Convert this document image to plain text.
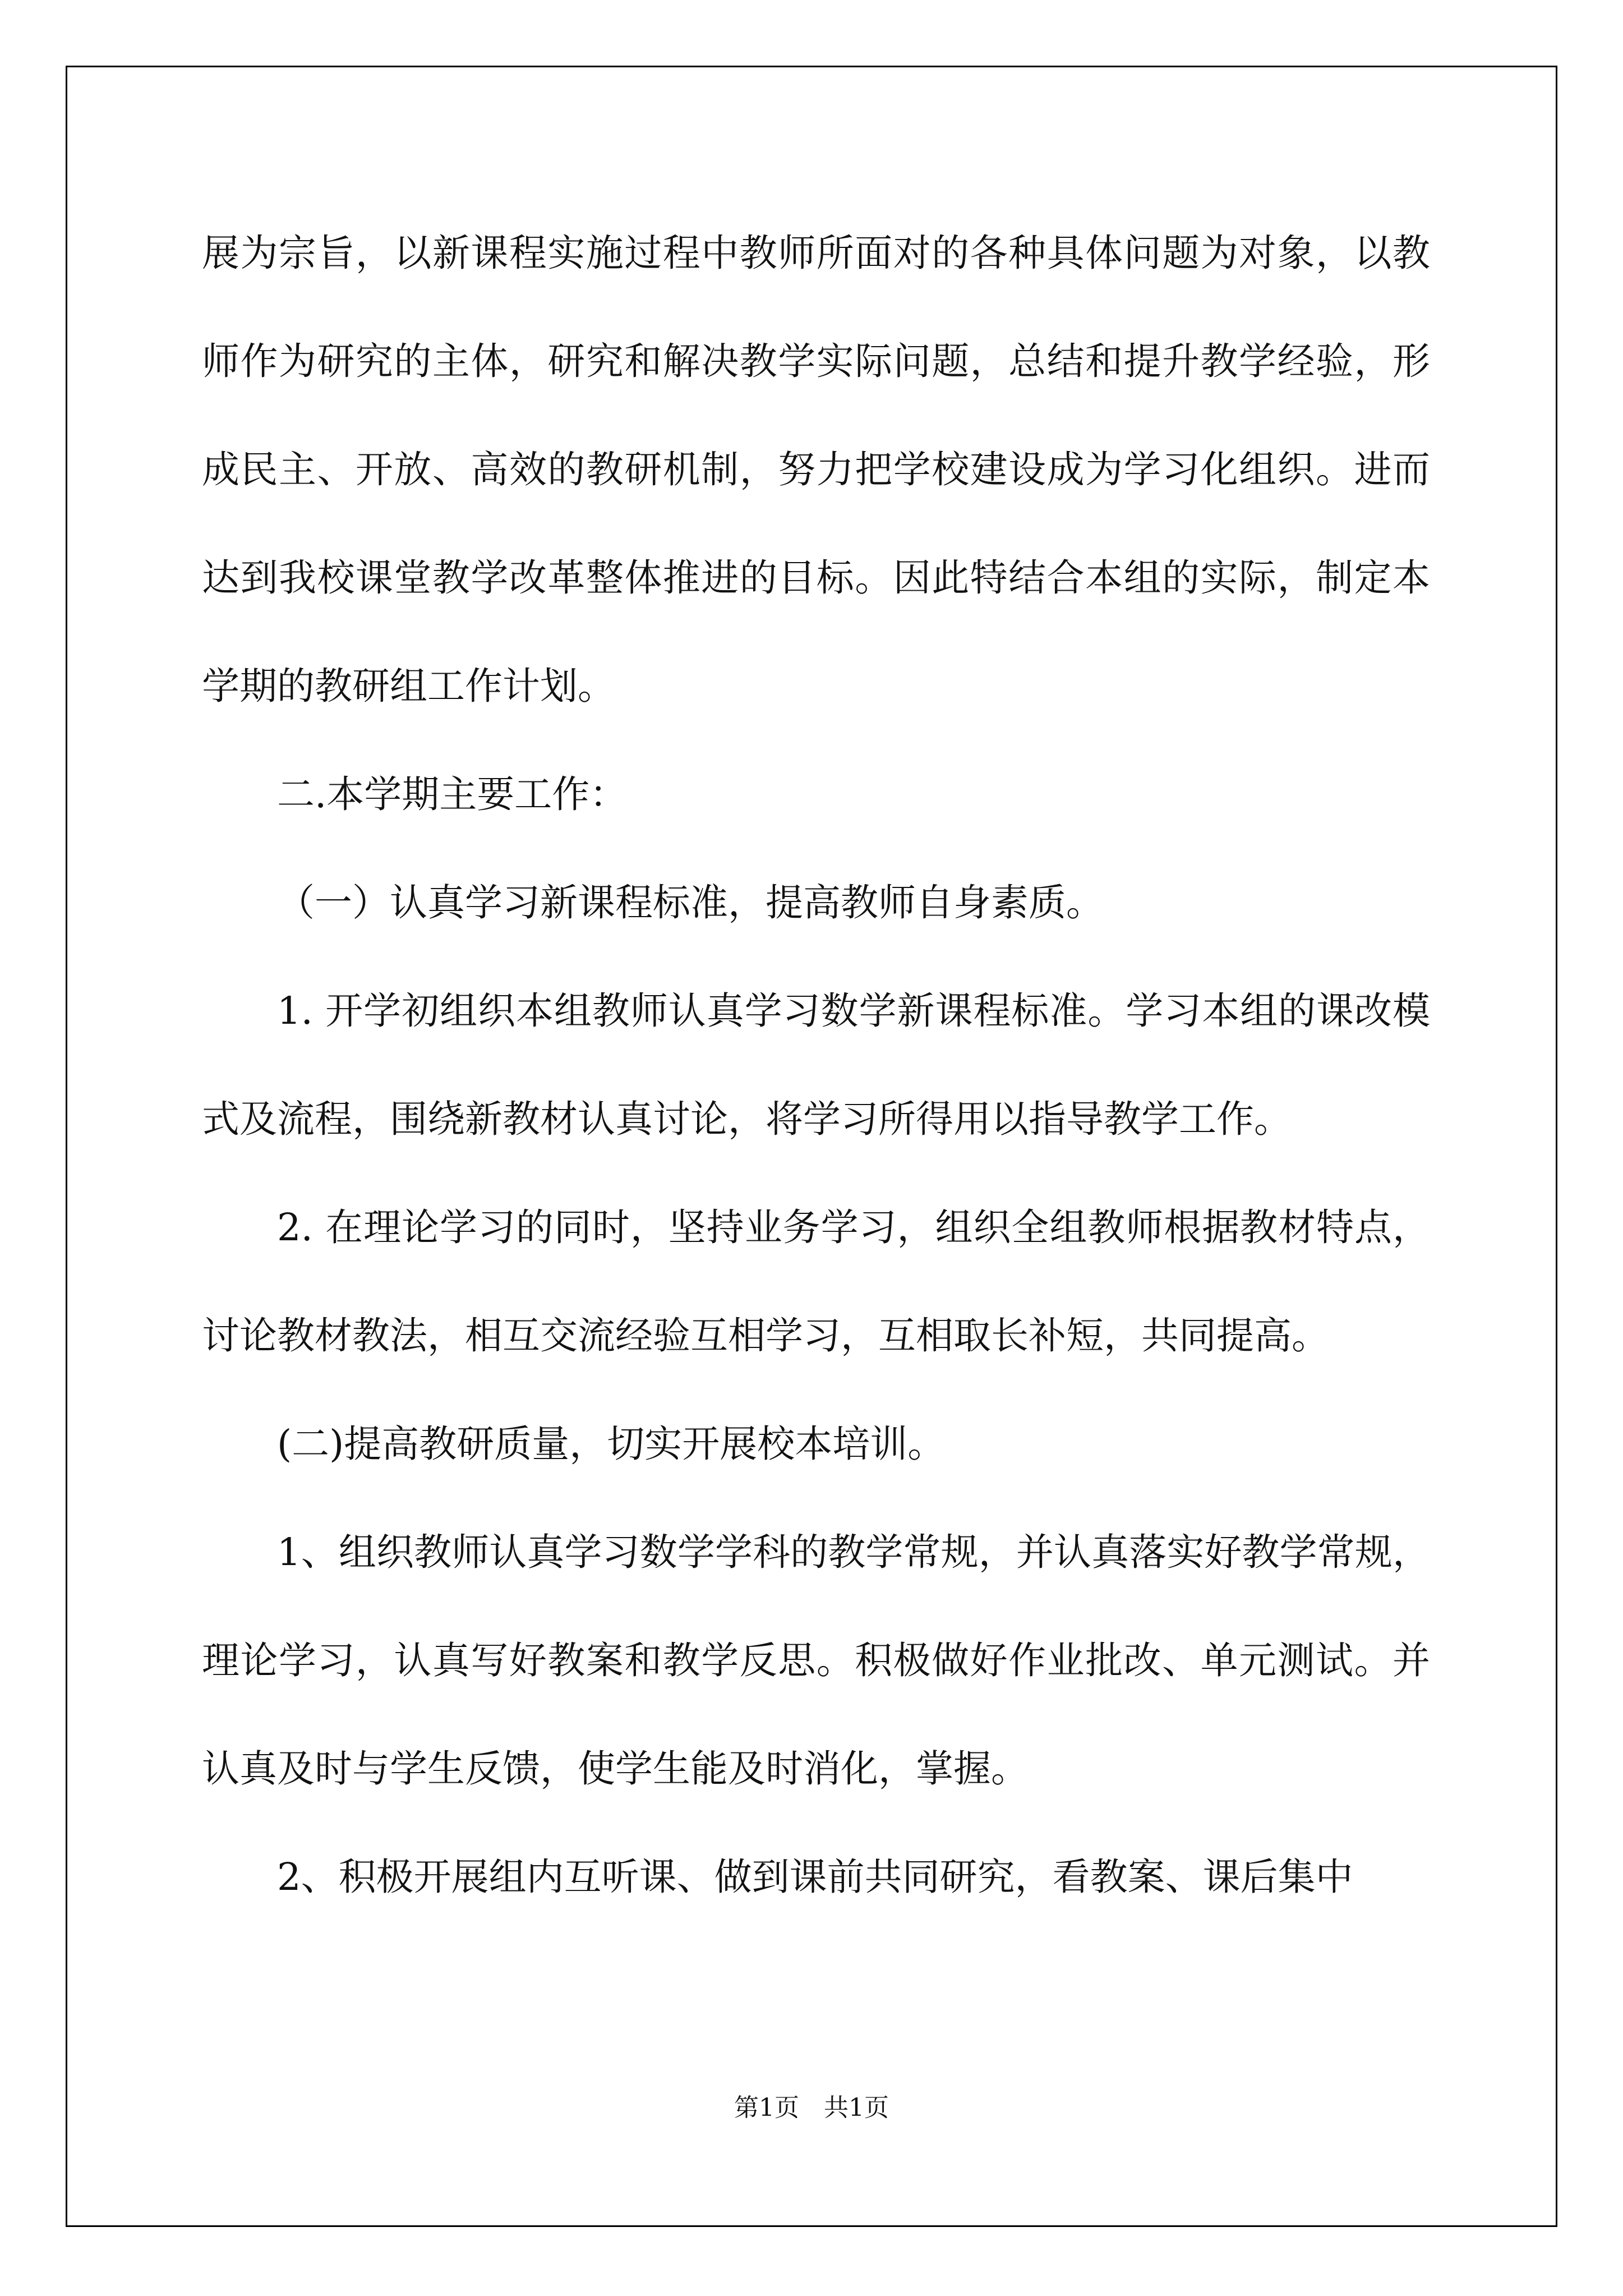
展为宗旨，以新课程实施过程中教师所面对的各种具体问题为对象，以教师作为研究的主体，研究和解决教学实际问题，总结和提升教学经验，形成民主、开放、高效的教研机制，努力把学校建设成为学习化组织。进而达到我校课堂教学改革整体推进的目标。因此特结合本组的实际，制定本学期的教研组工作计划。

二.本学期主要工作：

（一）认真学习新课程标准，提高教师自身素质。

1. 开学初组织本组教师认真学习数学新课程标准。学习本组的课改模式及流程，围绕新教材认真讨论，将学习所得用以指导教学工作。

2. 在理论学习的同时，坚持业务学习，组织全组教师根据教材特点，讨论教材教法，相互交流经验互相学习，互相取长补短，共同提高。

(二)提高教研质量，切实开展校本培训。

1、组织教师认真学习数学学科的教学常规，并认真落实好教学常规，理论学习，认真写好教案和教学反思。积极做好作业批改、单元测试。并认真及时与学生反馈，使学生能及时消化，掌握。

2、积极开展组内互听课、做到课前共同研究，看教案、课后集中

第1页 共1页
